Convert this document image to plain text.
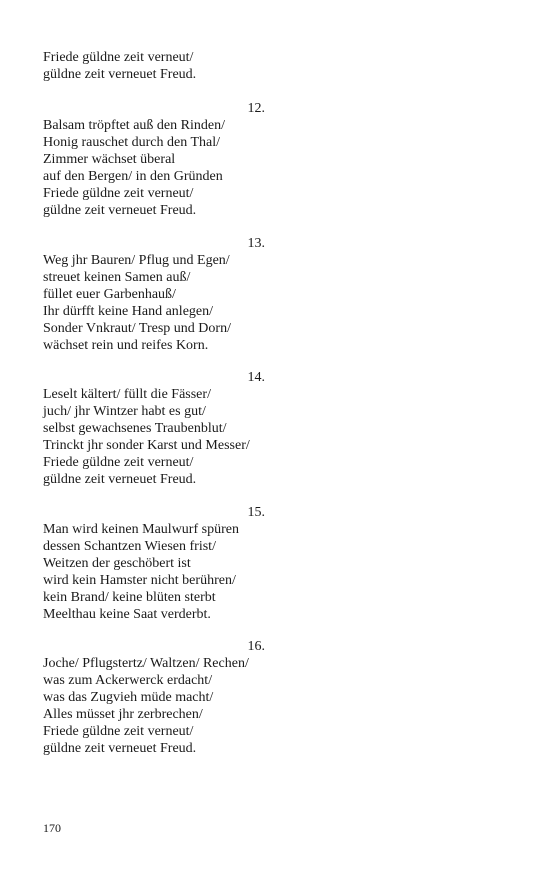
Friede güldne zeit verneut/
güldne zeit verneuet Freud.
12.
Balsam tröpftet auß den Rinden/
Honig rauschet durch den Thal/
Zimmer wächset überal
auf den Bergen/ in den Gründen
Friede güldne zeit verneut/
güldne zeit verneuet Freud.
13.
Weg jhr Bauren/ Pflug und Egen/
streuet keinen Samen auß/
füllet euer Garbenhauß/
Ihr dürfft keine Hand anlegen/
Sonder Vnkraut/ Tresp und Dorn/
wächset rein und reifes Korn.
14.
Leselt kältert/ füllt die Fässer/
juch/ jhr Wintzer habt es gut/
selbst gewachsenes Traubenblut/
Trinckt jhr sonder Karst und Messer/
Friede güldne zeit verneut/
güldne zeit verneuet Freud.
15.
Man wird keinen Maulwurf spüren
dessen Schantzen Wiesen frist/
Weitzen der geschöbert ist
wird kein Hamster nicht berühren/
kein Brand/ keine blüten sterbt
Meelthau keine Saat verderbt.
16.
Joche/ Pflugstertz/ Waltzen/ Rechen/
was zum Ackerwerck erdacht/
was das Zugvieh müde macht/
Alles müsset jhr zerbrechen/
Friede güldne zeit verneut/
güldne zeit verneuet Freud.
170
